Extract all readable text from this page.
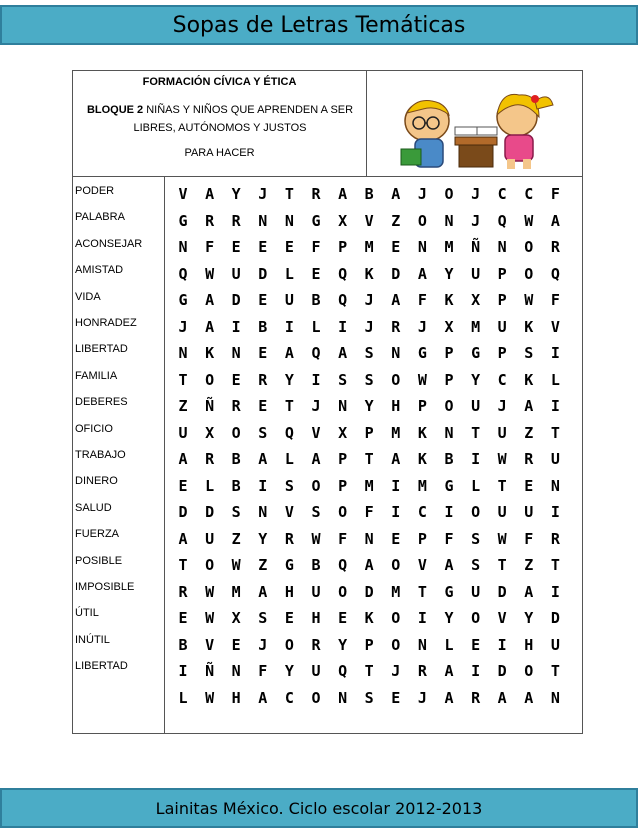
Sopas de Letras Temáticas
FORMACIÓN CÍVICA Y ÉTICA
BLOQUE 2 NIÑAS Y NIÑOS QUE APRENDEN A SER
LIBRES, AUTÓNOMOS Y JUSTOS
PARA HACER
PODER
PALABRA
ACONSEJAR
AMISTAD
VIDA
HONRADEZ
LIBERTAD
FAMILIA
DEBERES
OFICIO
TRABAJO
DINERO
SALUD
FUERZA
POSIBLE
IMPOSIBLE
ÚTIL
INÚTIL
LIBERTAD
V	A	Y	J	T	R	A	B	A	J	O	J	C	C	F
G	R	R	N	N	G	X	V	Z	O	N	J	Q	W	A
N	F	E	E	E	F	P	M	E	N	M	Ñ	N	O	R
Q	W	U	D	L	E	Q	K	D	A	Y	U	P	O	Q
G	A	D	E	U	B	Q	J	A	F	K	X	P	W	F
J	A	I	B	I	L	I	J	R	J	X	M	U	K	V
N	K	N	E	A	Q	A	S	N	G	P	G	P	S	I
T	O	E	R	Y	I	S	S	O	W	P	Y	C	K	L
Z	Ñ	R	E	T	J	N	Y	H	P	O	U	J	A	I
U	X	O	S	Q	V	X	P	M	K	N	T	U	Z	T
A	R	B	A	L	A	P	T	A	K	B	I	W	R	U
E	L	B	I	S	O	P	M	I	M	G	L	T	E	N
D	D	S	N	V	S	O	F	I	C	I	O	U	U	I
A	U	Z	Y	R	W	F	N	E	P	F	S	W	F	R
T	O	W	Z	G	B	Q	A	O	V	A	S	T	Z	T
R	W	M	A	H	U	O	D	M	T	G	U	D	A	I
E	W	X	S	E	H	E	K	O	I	Y	O	V	Y	D
B	V	E	J	O	R	Y	P	O	N	L	E	I	H	U
I	Ñ	N	F	Y	U	Q	T	J	R	A	I	D	O	T
L	W	H	A	C	O	N	S	E	J	A	R	A	A	N
Lainitas México. Ciclo escolar 2012-2013
